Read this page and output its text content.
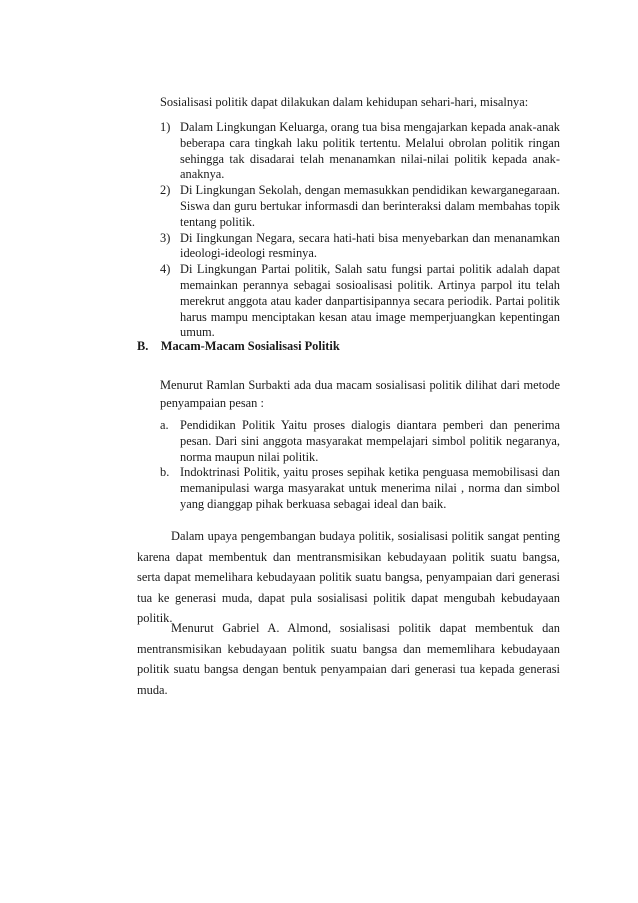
Sosialisasi politik dapat dilakukan dalam kehidupan sehari-hari, misalnya:
1) Dalam Lingkungan Keluarga, orang tua bisa mengajarkan kepada anak-anak beberapa cara tingkah laku politik tertentu. Melalui obrolan politik ringan sehingga tak disadarai telah menanamkan nilai-nilai politik kepada anak-anaknya.
2) Di Lingkungan Sekolah, dengan memasukkan pendidikan kewarganegaraan. Siswa dan guru bertukar informasdi dan berinteraksi dalam membahas topik tentang politik.
3) Di Iingkungan Negara, secara hati-hati bisa menyebarkan dan menanamkan ideologi-ideologi resminya.
4) Di Lingkungan Partai politik, Salah satu fungsi partai politik adalah dapat memainkan perannya sebagai sosioalisasi politik. Artinya parpol itu telah merekrut anggota atau kader danpartisipannya secara periodik. Partai politik harus mampu menciptakan kesan atau image memperjuangkan kepentingan umum.
B. Macam-Macam Sosialisasi Politik
Menurut Ramlan Surbakti ada dua macam sosialisasi politik dilihat dari metode penyampaian pesan :
a. Pendidikan Politik Yaitu proses dialogis diantara pemberi dan penerima pesan. Dari sini anggota masyarakat mempelajari simbol politik negaranya, norma maupun nilai politik.
b. Indoktrinasi Politik, yaitu proses sepihak ketika penguasa memobilisasi dan memanipulasi warga masyarakat untuk menerima nilai , norma dan simbol yang dianggap pihak berkuasa sebagai ideal dan baik.

Dalam upaya pengembangan budaya politik, sosialisasi politik sangat penting karena dapat membentuk dan mentransmisikan kebudayaan politik suatu bangsa, serta dapat memelihara kebudayaan politik suatu bangsa, penyampaian dari generasi tua ke generasi muda, dapat pula sosialisasi politik dapat mengubah kebudayaan politik.

Menurut Gabriel A. Almond, sosialisasi politik dapat membentuk dan mentransmisikan kebudayaan politik suatu bangsa dan mememlihara kebudayaan politik suatu bangsa dengan bentuk penyampaian dari generasi tua kepada generasi muda.
